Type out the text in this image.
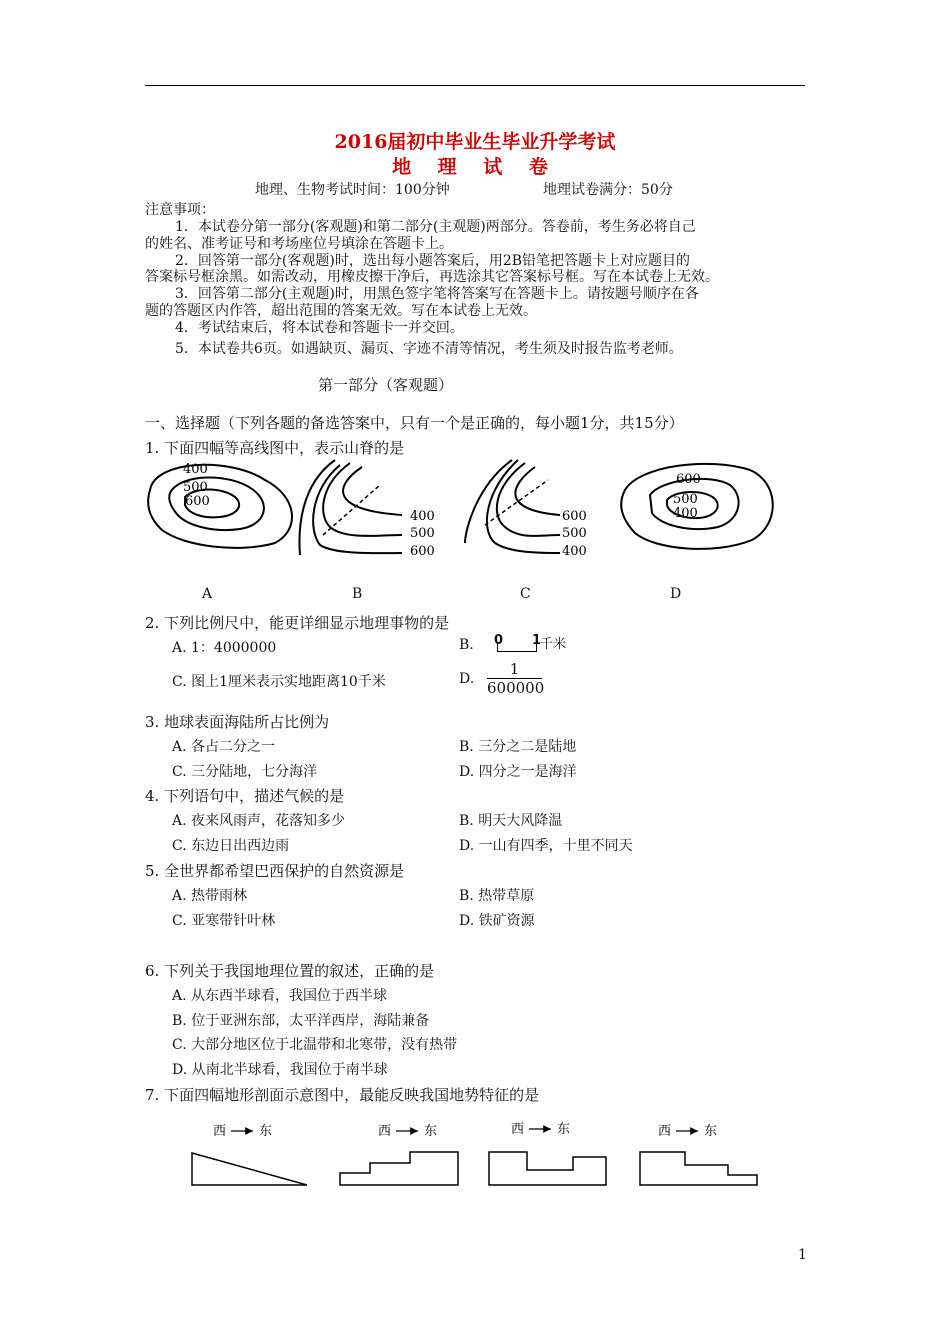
2016届初中毕业生毕业升学考试
地 理 试 卷
地理、生物考试时间：100分钟	地理试卷满分：50分
注意事项：
1．本试卷分第一部分(客观题)和第二部分(主观题)两部分。答卷前，考生务必将自己
的姓名、准考证号和考场座位号填涂在答题卡上。
2．回答第一部分(客观题)时，选出每小题答案后，用2B铅笔把答题卡上对应题目的
答案标号框涂黑。如需改动，用橡皮擦干净后，再选涂其它答案标号框。写在本试卷上无效。
3．回答第二部分(主观题)时，用黑色签字笔将答案写在答题卡上。请按题号顺序在各
题的答题区内作答，超出范围的答案无效。写在本试卷上无效。
4．考试结束后，将本试卷和答题卡一并交回。
5．本试卷共6页。如遇缺页、漏页、字迹不清等情况，考生须及时报告监考老师。
第一部分（客观题）
一、选择题（下列各题的备选答案中，只有一个是正确的，每小题1分，共15分）
1. 下面四幅等高线图中，表示山脊的是
400
500
600
400
500
600
600
500
400
600
500
400
A	B	C	D
2. 下列比例尺中，能更详细显示地理事物的是
A. 1：4000000	B. 0 1
千米
C. 图上1厘米表示实地距离10千米	D. $\frac{1}{600000}$
3. 地球表面海陆所占比例为
A. 各占二分之一	B. 三分之二是陆地
C. 三分陆地，七分海洋	D. 四分之一是海洋
4. 下列语句中，描述气候的是
A. 夜来风雨声，花落知多少	B. 明天大风降温
C. 东边日出西边雨	D. 一山有四季，十里不同天
5. 全世界都希望巴西保护的自然资源是
A. 热带雨林	B. 热带草原
C. 亚寒带针叶林	D. 铁矿资源
6. 下列关于我国地理位置的叙述，正确的是
A. 从东西半球看，我国位于西半球
B. 位于亚洲东部，太平洋西岸，海陆兼备
C. 大部分地区位于北温带和北寒带，没有热带
D. 从南北半球看，我国位于南半球
7. 下面四幅地形剖面示意图中，最能反映我国地势特征的是
西	东	西	东	西	东	西	东
1
